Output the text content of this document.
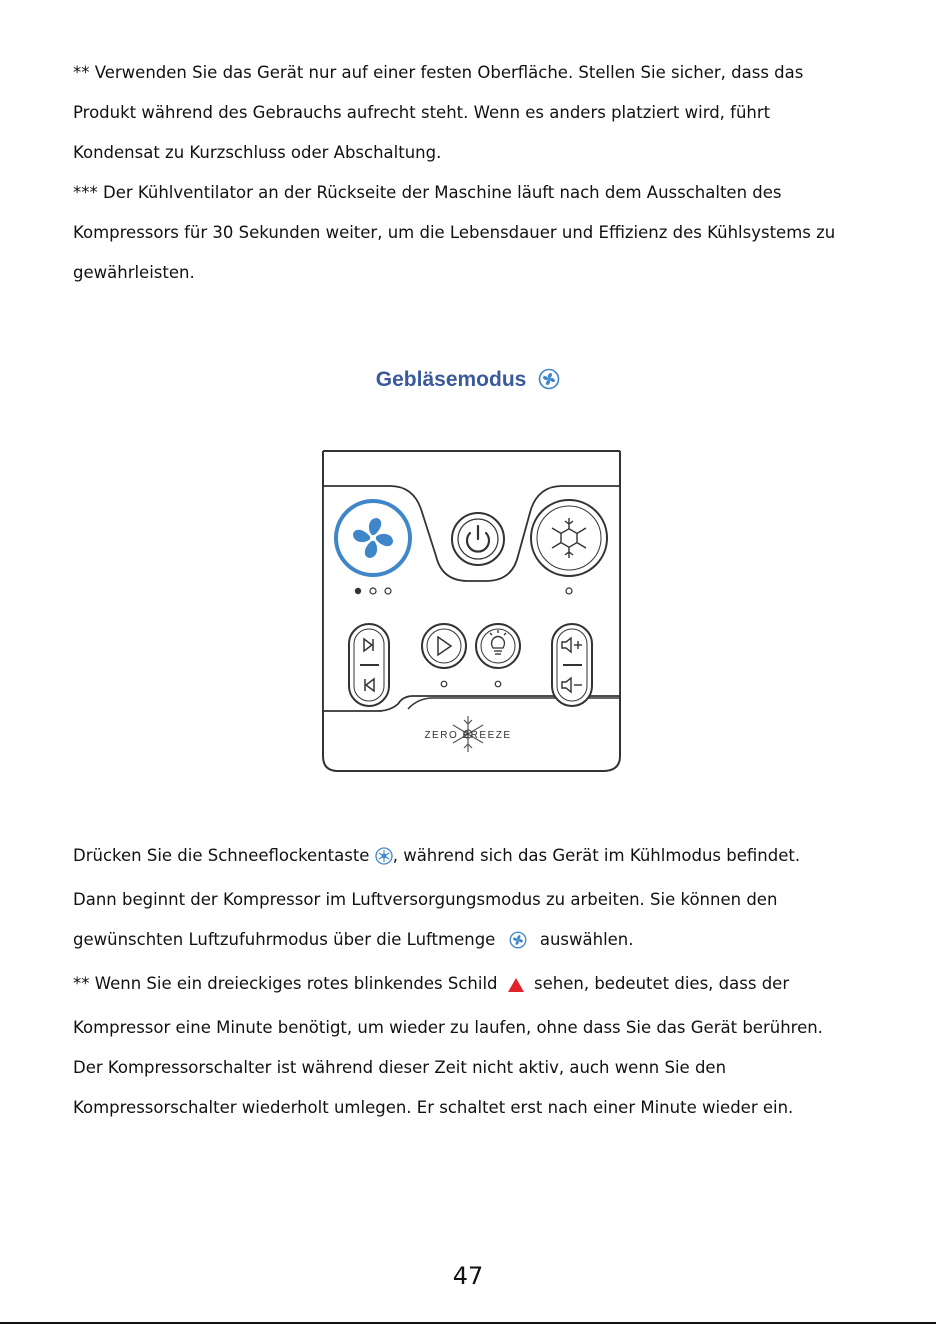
** Verwenden Sie das Gerät nur auf einer festen Oberfläche. Stellen Sie sicher, dass das

Produkt während des Gebrauchs aufrecht steht. Wenn es anders platziert wird, führt

Kondensat zu Kurzschluss oder Abschaltung.

*** Der Kühlventilator an der Rückseite der Maschine läuft nach dem Ausschalten des

Kompressors für 30 Sekunden weiter, um die Lebensdauer und Effizienz des Kühlsystems zu

gewährleisten.

Gebläsemodus
ZERO BREEZE

Drücken Sie die Schneeflockentaste , während sich das Gerät im Kühlmodus befindet.

Dann beginnt der Kompressor im Luftversorgungsmodus zu arbeiten. Sie können den

gewünschten Luftzufuhrmodus über die Luftmenge	auswählen.

** Wenn Sie ein dreieckiges rotes blinkendes Schild sehen, bedeutet dies, dass der

Kompressor eine Minute benötigt, um wieder zu laufen, ohne dass Sie das Gerät berühren.

Der Kompressorschalter ist während dieser Zeit nicht aktiv, auch wenn Sie den

Kompressorschalter wiederholt umlegen. Er schaltet erst nach einer Minute wieder ein.

47
